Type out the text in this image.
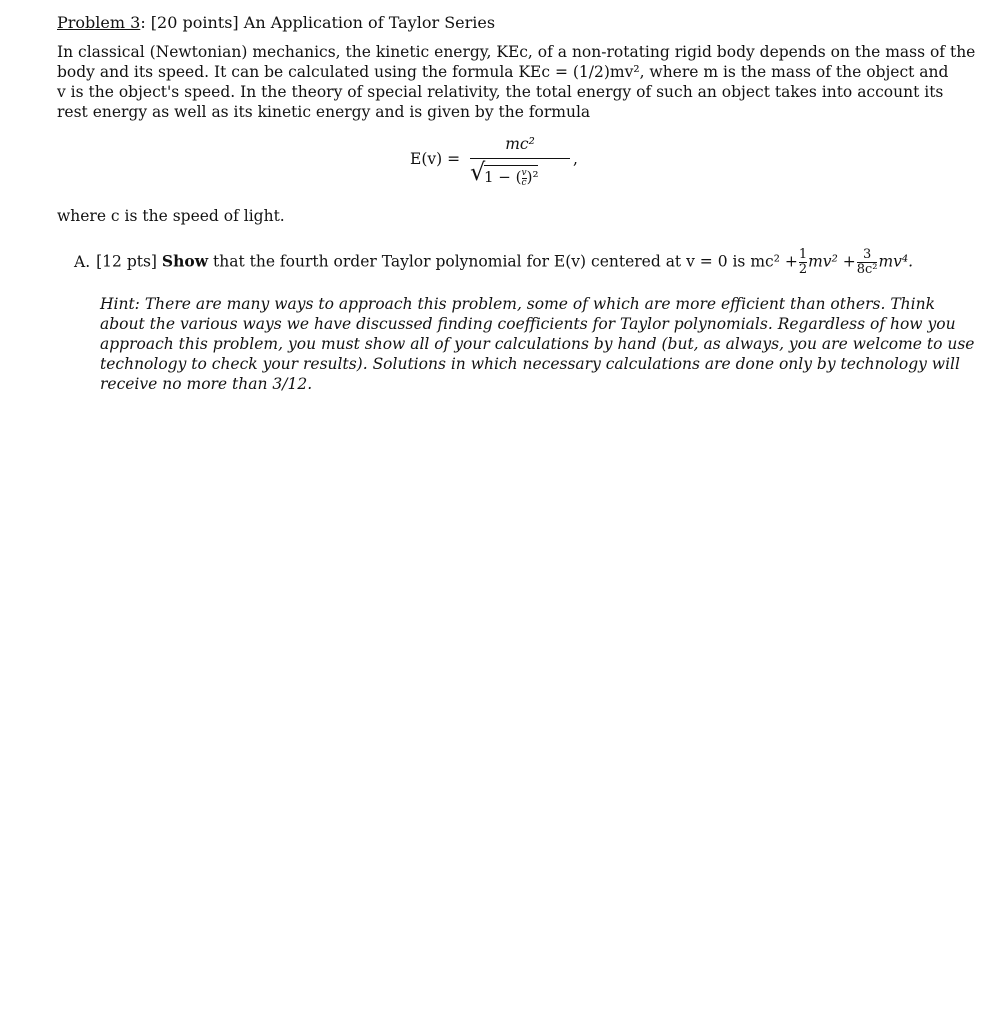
Problem 3: [20 points] An Application of Taylor Series
In classical (Newtonian) mechanics, the kinetic energy, KEc, of a non-rotating rigid body depends on the mass of the
body and its speed. It can be calculated using the formula KEc = (1/2)mv², where m is the mass of the object and
v is the object's speed. In the theory of special relativity, the total energy of such an object takes into account its
rest energy as well as its kinetic energy and is given by the formula
E(v) =
mc²
√
1 − ( $\frac{v}{c} )^2$
,
where c is the speed of light.
A. [12 pts] Show that the fourth order Taylor polynomial for E(v) centered at v = 0 is $mc^2 + \frac{1}{2} mv^2 + \frac{3}{\text{8c²}} mv^4$.
Hint: There are many ways to approach this problem, some of which are more efficient than others. Think
about the various ways we have discussed finding coefficients for Taylor polynomials. Regardless of how you
approach this problem, you must show all of your calculations by hand (but, as always, you are welcome to use
technology to check your results). Solutions in which necessary calculations are done only by technology will
receive no more than 3/12.
